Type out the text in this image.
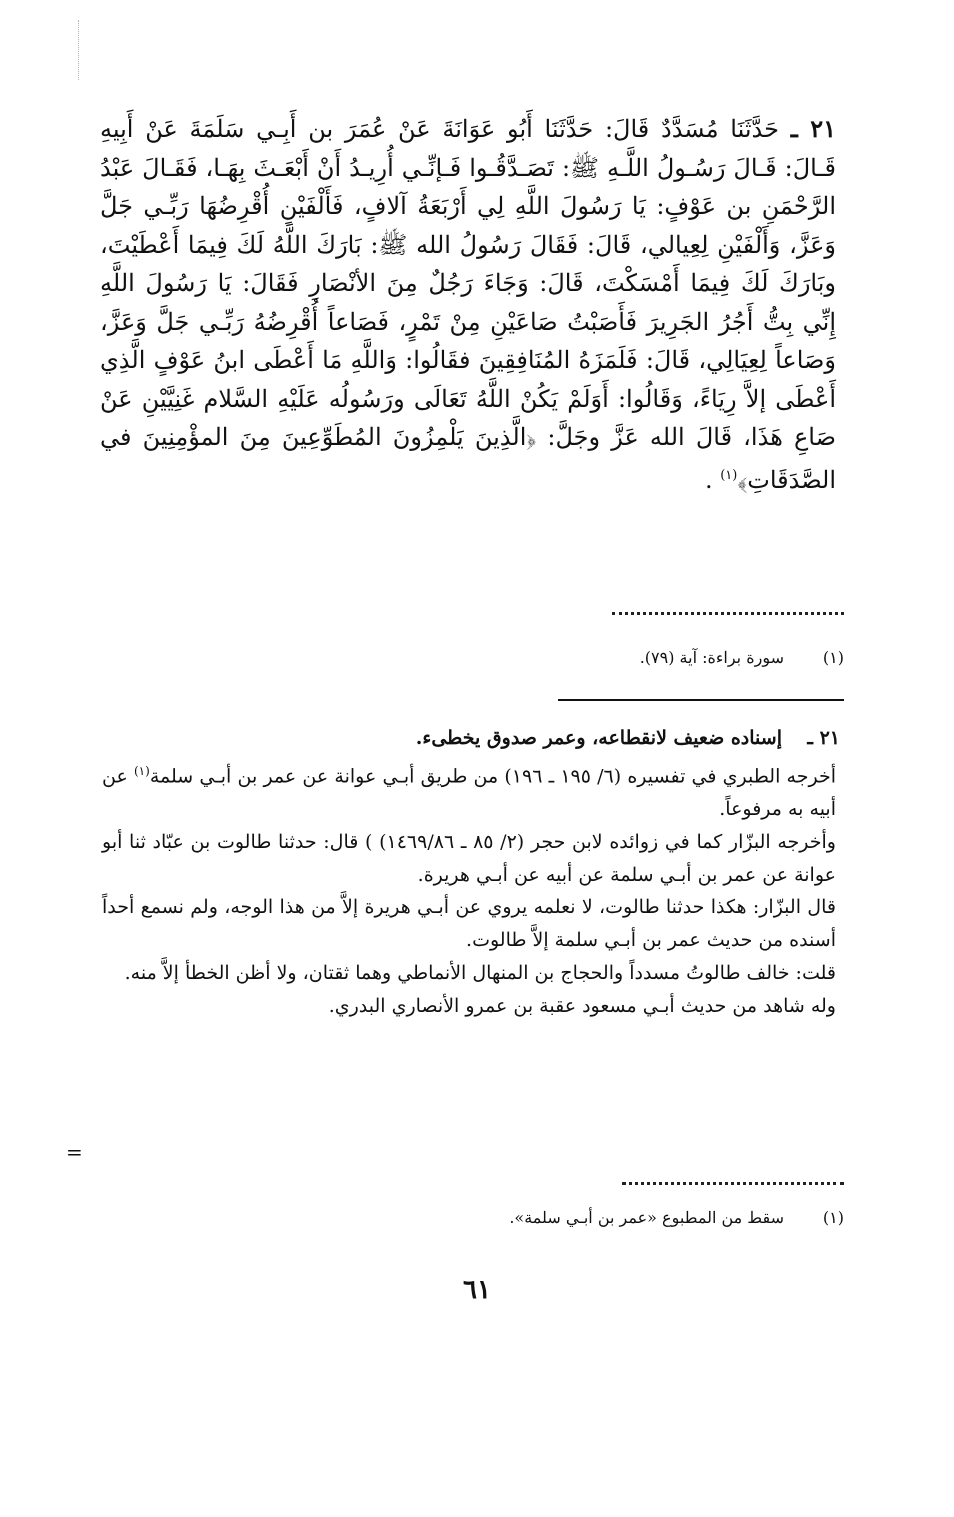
٢١ ـ حَدَّثَنَا مُسَدَّدٌ قَالَ: حَدَّثَنَا أَبُو عَوَانَةَ عَنْ عُمَرَ بن أَبِـي سَلَمَةَ عَنْ أَبِيهِ قَـالَ: قَـالَ رَسُـولُ اللَّـهِ ﷺ: تَصَـدَّقُـوا فَـإنِّـي أُرِيـدُ أَنْ أَبْعَـثَ بِهَـا، فَقَـالَ عَبْدُ الرَّحْمَنِ بن عَوْفٍ: يَا رَسُولَ اللَّهِ لِي أَرْبَعَةُ آلافٍ، فَأَلْفَيْنِ أُقْرِضُهَا رَبِّـي جَلَّ وَعَزَّ، وَأَلْفَيْنِ لِعِيالي، قَالَ: فَقَالَ رَسُولُ الله ﷺ: بَارَكَ اللَّهُ لَكَ فِيمَا أَعْطَيْتَ، وبَارَكَ لَكَ فِيمَا أَمْسَكْتَ، قَالَ: وَجَاءَ رَجُلٌ مِنَ الأنْصَارِ فَقَالَ: يَا رَسُولَ اللَّهِ إِنِّي بِتُّ أَجُرُ الجَرِيرَ فَأَصَبْتُ صَاعَيْنِ مِنْ تَمْرٍ، فَصَاعاً أُقْرِضُهُ رَبِّـي جَلَّ وَعَزَّ، وَصَاعاً لِعِيَالِي، قَالَ: فَلَمَزَهُ المُنَافِقِينَ فقَالُوا: وَاللَّهِ مَا أَعْطَى ابنُ عَوْفٍ الَّذِي أَعْطَى إلاَّ رِيَاءً، وَقَالُوا: أَوَلَمْ يَكُنْ اللَّهُ تَعَالَى ورَسُولُه عَلَيْهِ السَّلام غَنِيَّيْنِ عَنْ صَاعِ هَذَا، قَالَ الله عَزَّ وجَلَّ: ﴿الَّذِينَ يَلْمِزُونَ المُطَوِّعِينَ مِنَ المؤْمِنِينَ في الصَّدَقَاتِ﴾$^{(١)}$ .
(١)سورة براءة: آية (٧٩).

٢١ ـإسناده ضعيف لانقطاعه، وعمر صدوق يخطىء.

أخرجه الطبري في تفسيره (٦/ ١٩٥ ـ ١٩٦) من طريق أبـي عوانة عن عمر بن أبـي سلمة$^{(١)}$ عن أبيه به مرفوعاً.

وأخرجه البزّار كما في زوائده لابن حجر (٢/ ٨٥ ـ ١٤٦٩/٨٦) ) قال: حدثنا طالوت بن عبّاد ثنا أبو عوانة عن عمر بن أبـي سلمة عن أبيه عن أبـي هريرة.

قال البزّار: هكذا حدثنا طالوت، لا نعلمه يروي عن أبـي هريرة إلاَّ من هذا الوجه، ولم نسمع أحداً أسنده من حديث عمر بن أبـي سلمة إلاَّ طالوت.

قلت: خالف طالوتُ مسدداً والحجاج بن المنهال الأنماطي وهما ثقتان، ولا أظن الخطأ إلاَّ منه.

وله شاهد من حديث أبـي مسعود عقبة بن عمرو الأنصاري البدري.

=
(١)سقط من المطبوع «عمر بن أبـي سلمة».
٦١
